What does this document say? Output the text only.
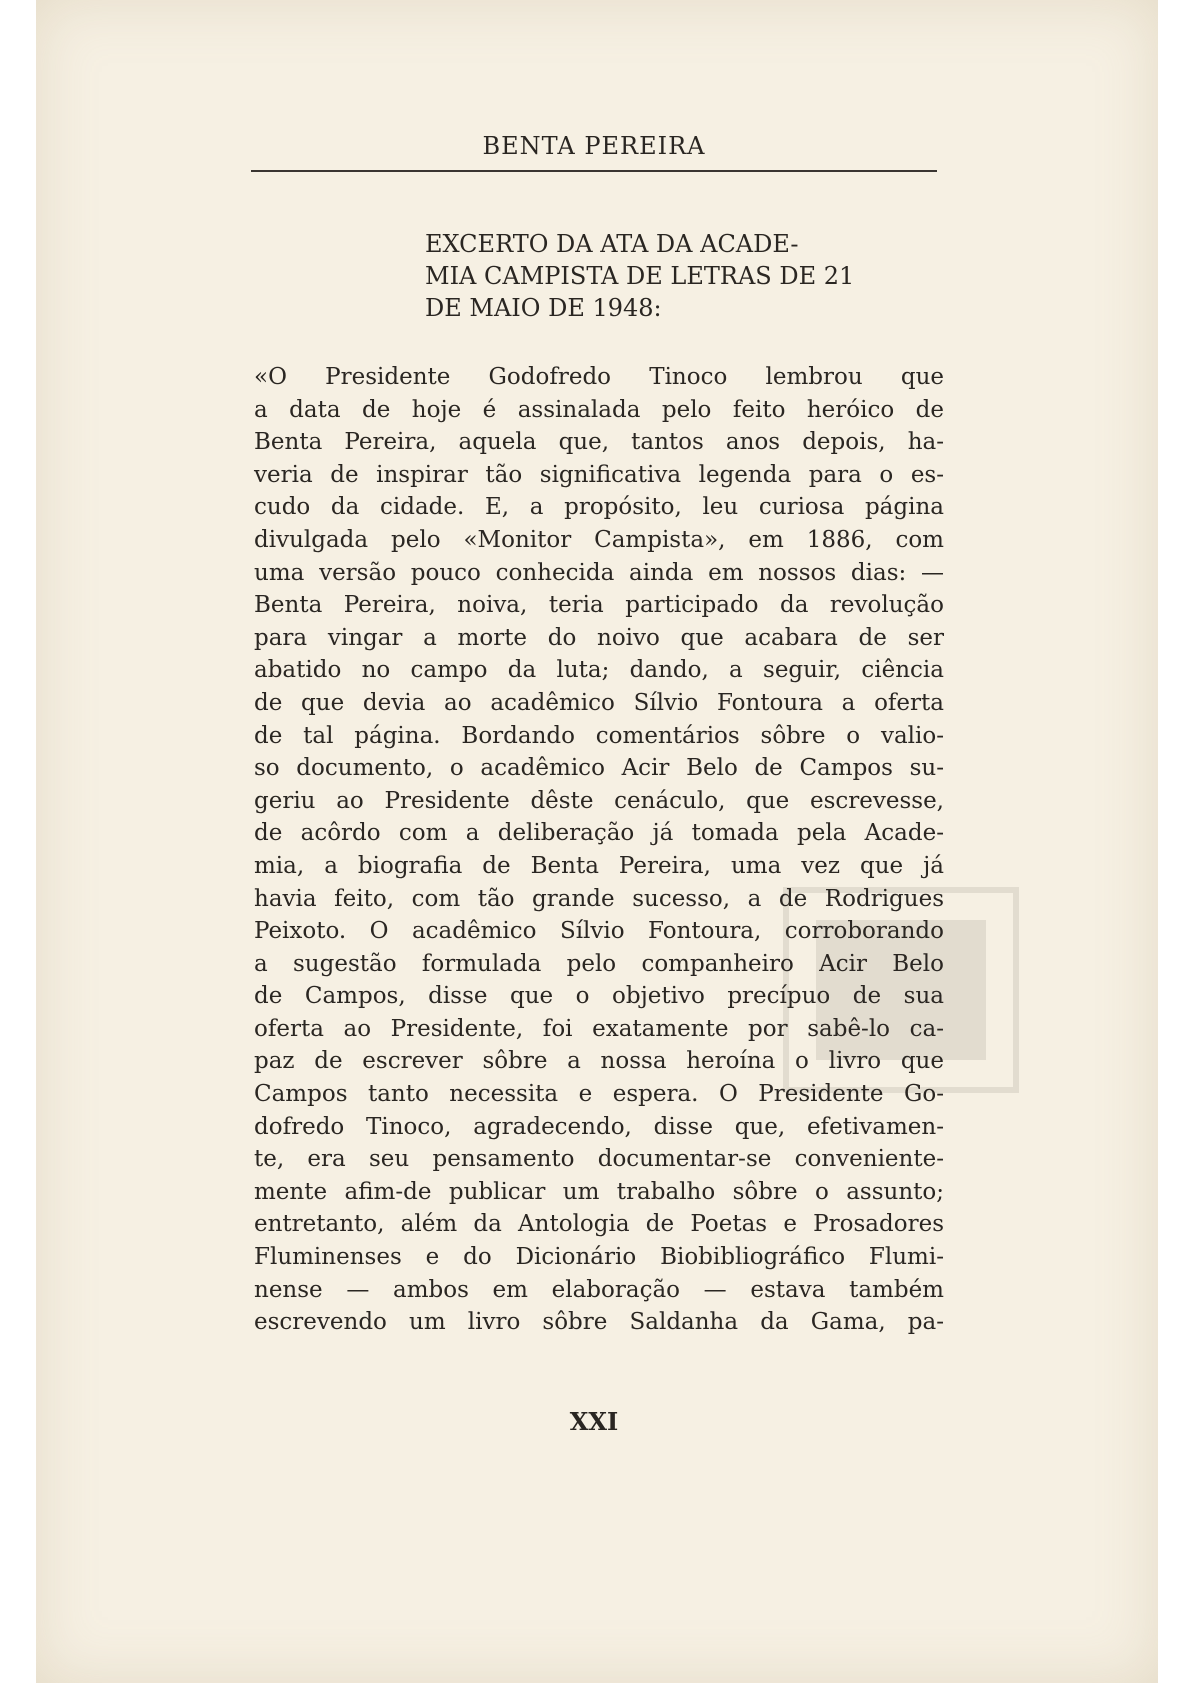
BENTA PEREIRA
EXCERTO DA ATA DA ACADE-
MIA CAMPISTA DE LETRAS DE 21
DE MAIO DE 1948:
«O Presidente Godofredo Tinoco lembrou que
a data de hoje é assinalada pelo feito heróico de
Benta Pereira, aquela que, tantos anos depois, ha-
veria de inspirar tão significativa legenda para o es-
cudo da cidade. E, a propósito, leu curiosa página
divulgada pelo «Monitor Campista», em 1886, com
uma versão pouco conhecida ainda em nossos dias: —
Benta Pereira, noiva, teria participado da revolução
para vingar a morte do noivo que acabara de ser
abatido no campo da luta; dando, a seguir, ciência
de que devia ao acadêmico Sílvio Fontoura a oferta
de tal página. Bordando comentários sôbre o valio-
so documento, o acadêmico Acir Belo de Campos su-
geriu ao Presidente dêste cenáculo, que escrevesse,
de acôrdo com a deliberação já tomada pela Acade-
mia, a biografia de Benta Pereira, uma vez que já
havia feito, com tão grande sucesso, a de Rodrigues
Peixoto. O acadêmico Sílvio Fontoura, corroborando
a sugestão formulada pelo companheiro Acir Belo
de Campos, disse que o objetivo precípuo de sua
oferta ao Presidente, foi exatamente por sabê-lo ca-
paz de escrever sôbre a nossa heroína o livro que
Campos tanto necessita e espera. O Presidente Go-
dofredo Tinoco, agradecendo, disse que, efetivamen-
te, era seu pensamento documentar-se conveniente-
mente afim-de publicar um trabalho sôbre o assunto;
entretanto, além da Antologia de Poetas e Prosadores
Fluminenses e do Dicionário Biobibliográfico Flumi-
nense — ambos em elaboração — estava também
escrevendo um livro sôbre Saldanha da Gama, pa-
XXI
